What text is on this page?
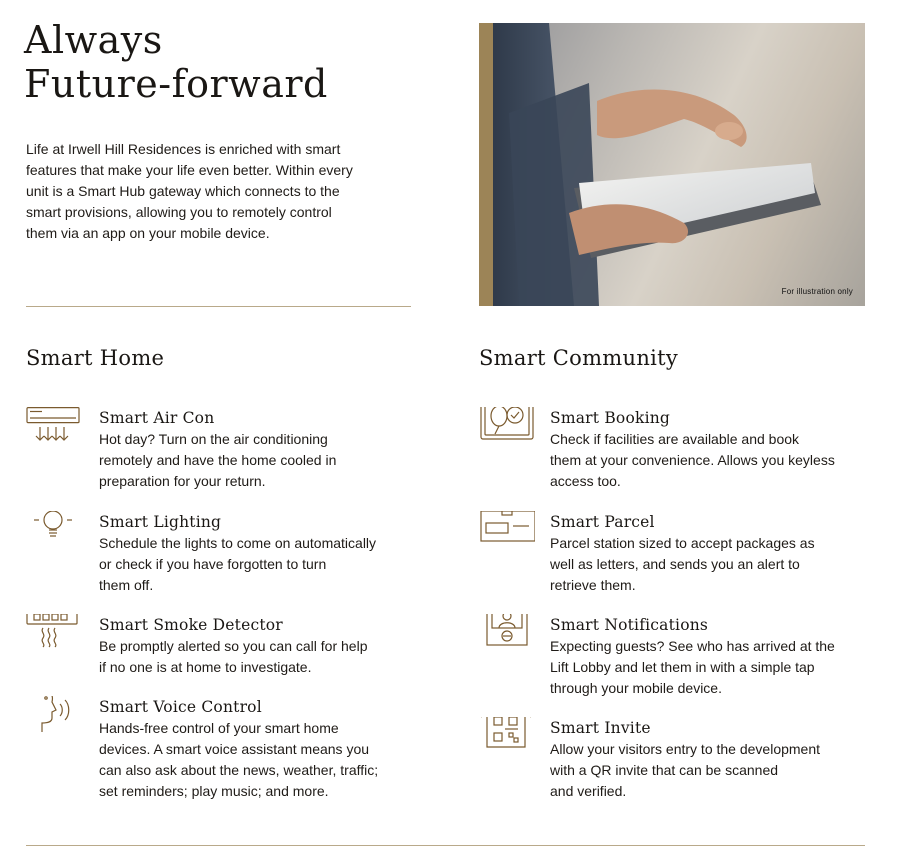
Always
Future-forward

Life at Irwell Hill Residences is enriched with smart
features that make your life even better. Within every
unit is a Smart Hub gateway which connects to the
smart provisions, allowing you to remotely control
them via an app on your mobile device.

For illustration only
Smart Home
Smart Air Con

Hot day? Turn on the air conditioning
remotely and have the home cooled in
preparation for your return.

Smart Lighting

Schedule the lights to come on automatically
or check if you have forgotten to turn
them off.

Smart Smoke Detector

Be promptly alerted so you can call for help
if no one is at home to investigate.

Smart Voice Control

Hands-free control of your smart home
devices. A smart voice assistant means you
can also ask about the news, weather, traffic;
set reminders; play music; and more.

Smart Community
Smart Booking

Check if facilities are available and book
them at your convenience. Allows you keyless
access too.

Smart Parcel

Parcel station sized to accept packages as
well as letters, and sends you an alert to
retrieve them.

Smart Notifications

Expecting guests? See who has arrived at the
Lift Lobby and let them in with a simple tap
through your mobile device.

Smart Invite

Allow your visitors entry to the development
with a QR invite that can be scanned
and verified.
